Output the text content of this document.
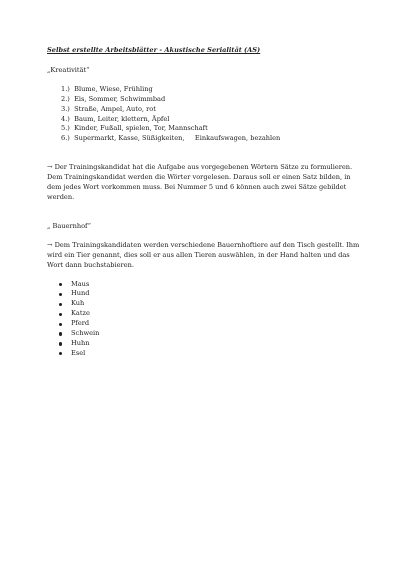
Selbst erstellte Arbeitsblätter - Akustische Serialität (AS)

„Kreativität“

1.) Blume, Wiese, Frühling
2.) Eis, Sommer, Schwimmbad
3.) Straße, Ampel, Auto, rot
4.) Baum, Leiter, klettern, Äpfel
5.) Kinder, Fußall, spielen, Tor, Mannschaft
6.) Supermarkt, Kasse, Süßigkeiten,     Einkaufswagen, bezahlen

→ Der Trainingskandidat hat die Aufgabe aus vorgegebenen Wörtern Sätze zu formulieren. Dem Trainingskandidat werden die Wörter vorgelesen. Daraus soll er einen Satz bilden, in dem jedes Wort vorkommen muss. Bei Nummer 5 und 6 können auch zwei Sätze gebildet werden.

„ Bauernhof“

→ Dem Trainingskandidaten werden verschiedene Bauernhoftiere auf den Tisch gestellt. Ihm wird ein Tier genannt, dies soll er aus allen Tieren auswählen, in der Hand halten und das Wort dann buchstabieren.

Maus
Hund
Kuh
Katze
Pferd
Schwein
Huhn
Esel
